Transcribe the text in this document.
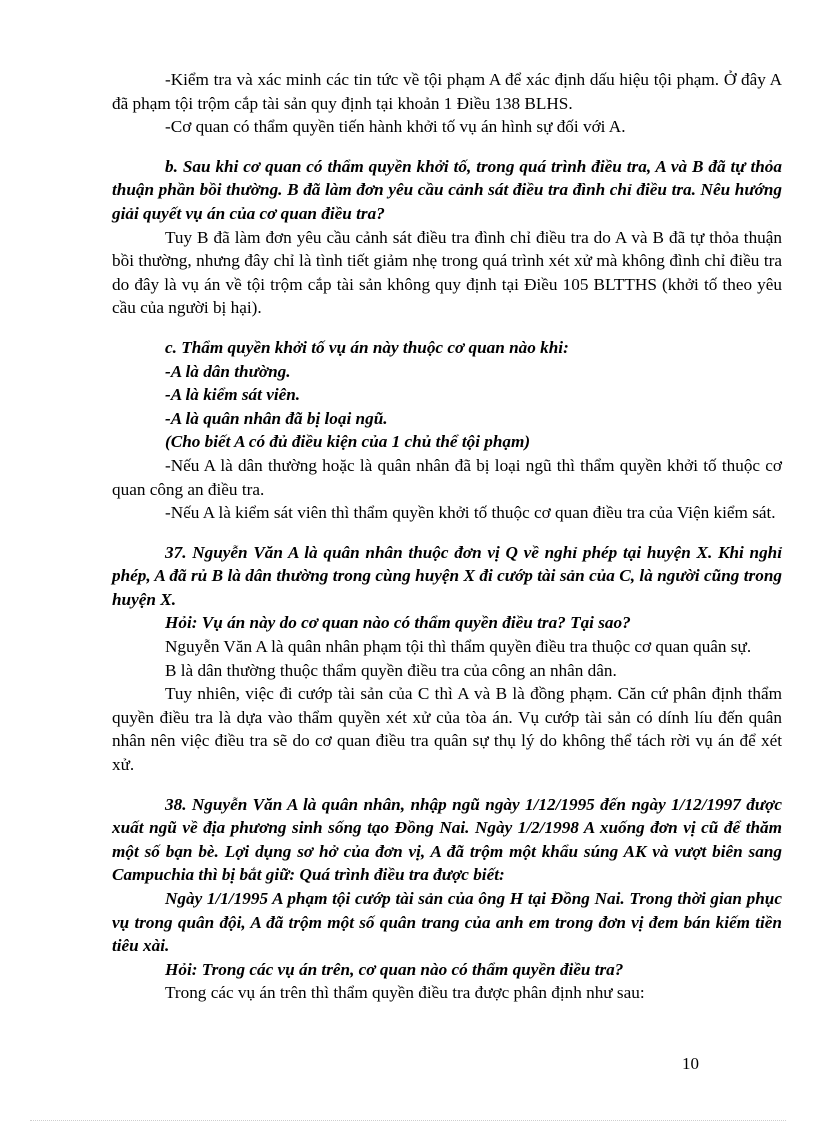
-Kiểm tra và xác minh các tin tức về tội phạm A để xác định dấu hiệu tội phạm. Ở đây A đã phạm tội trộm cắp tài sản quy định tại khoản 1 Điều 138 BLHS.

-Cơ quan có thẩm quyền tiến hành khởi tố vụ án hình sự đối với A.

b. Sau khi cơ quan có thẩm quyền khởi tố, trong quá trình điều tra, A và B đã tự thỏa thuận phần bồi thường. B đã làm đơn yêu cầu cảnh sát điều tra đình chỉ điều tra. Nêu hướng giải quyết vụ án của cơ quan điều tra?

Tuy B đã làm đơn yêu cầu cảnh sát điều tra đình chỉ điều tra do A và B đã tự thỏa thuận bồi thường, nhưng đây chỉ là tình tiết giảm nhẹ trong quá trình xét xử mà không đình chỉ điều tra do đây là vụ án về tội trộm cắp tài sản không quy định tại Điều 105 BLTTHS (khởi tố theo yêu cầu của người bị hại).

c. Thẩm quyền khởi tố vụ án này thuộc cơ quan nào khi:

-A là dân thường.

-A là kiểm sát viên.

-A là quân nhân đã bị loại ngũ.

(Cho biết A có đủ điều kiện của 1 chủ thể tội phạm)

-Nếu A là dân thường hoặc là quân nhân đã bị loại ngũ thì thẩm quyền khởi tố thuộc cơ quan công an điều tra.

-Nếu A là kiểm sát viên thì thẩm quyền khởi tố thuộc cơ quan điều tra của Viện kiểm sát.

37. Nguyễn Văn A là quân nhân thuộc đơn vị Q về nghỉ phép tại huyện X. Khi nghỉ phép, A đã rủ B là dân thường trong cùng huyện X đi cướp tài sản của C, là người cũng trong huyện X.

Hỏi: Vụ án này do cơ quan nào có thẩm quyền điều tra? Tại sao?

Nguyễn Văn A là quân nhân phạm tội thì thẩm quyền điều tra thuộc cơ quan quân sự.

B là dân thường thuộc thẩm quyền điều tra của công an nhân dân.

Tuy nhiên, việc đi cướp tài sản của C thì A và B là đồng phạm. Căn cứ phân định thẩm quyền điều tra là dựa vào thẩm quyền xét xử của tòa án. Vụ cướp tài sản có dính líu đến quân nhân nên việc điều tra sẽ do cơ quan điều tra quân sự thụ lý do không thể tách rời vụ án để xét xử.

38. Nguyễn Văn A là quân nhân, nhập ngũ ngày 1/12/1995 đến ngày 1/12/1997 được xuất ngũ về địa phương sinh sống tạo Đồng Nai. Ngày 1/2/1998 A xuống đơn vị cũ để thăm một số bạn bè. Lợi dụng sơ hở của đơn vị, A đã trộm một khẩu súng AK và vượt biên sang Campuchia thì bị bắt giữ: Quá trình điều tra được biết:

Ngày 1/1/1995 A phạm tội cướp tài sản của ông H tại Đồng Nai. Trong thời gian phục vụ trong quân đội, A đã trộm một số quân trang của anh em trong đơn vị đem bán kiếm tiền tiêu xài.

Hỏi: Trong các vụ án trên, cơ quan nào có thẩm quyền điều tra?

Trong các vụ án trên thì thẩm quyền điều tra được phân định như sau:

10
